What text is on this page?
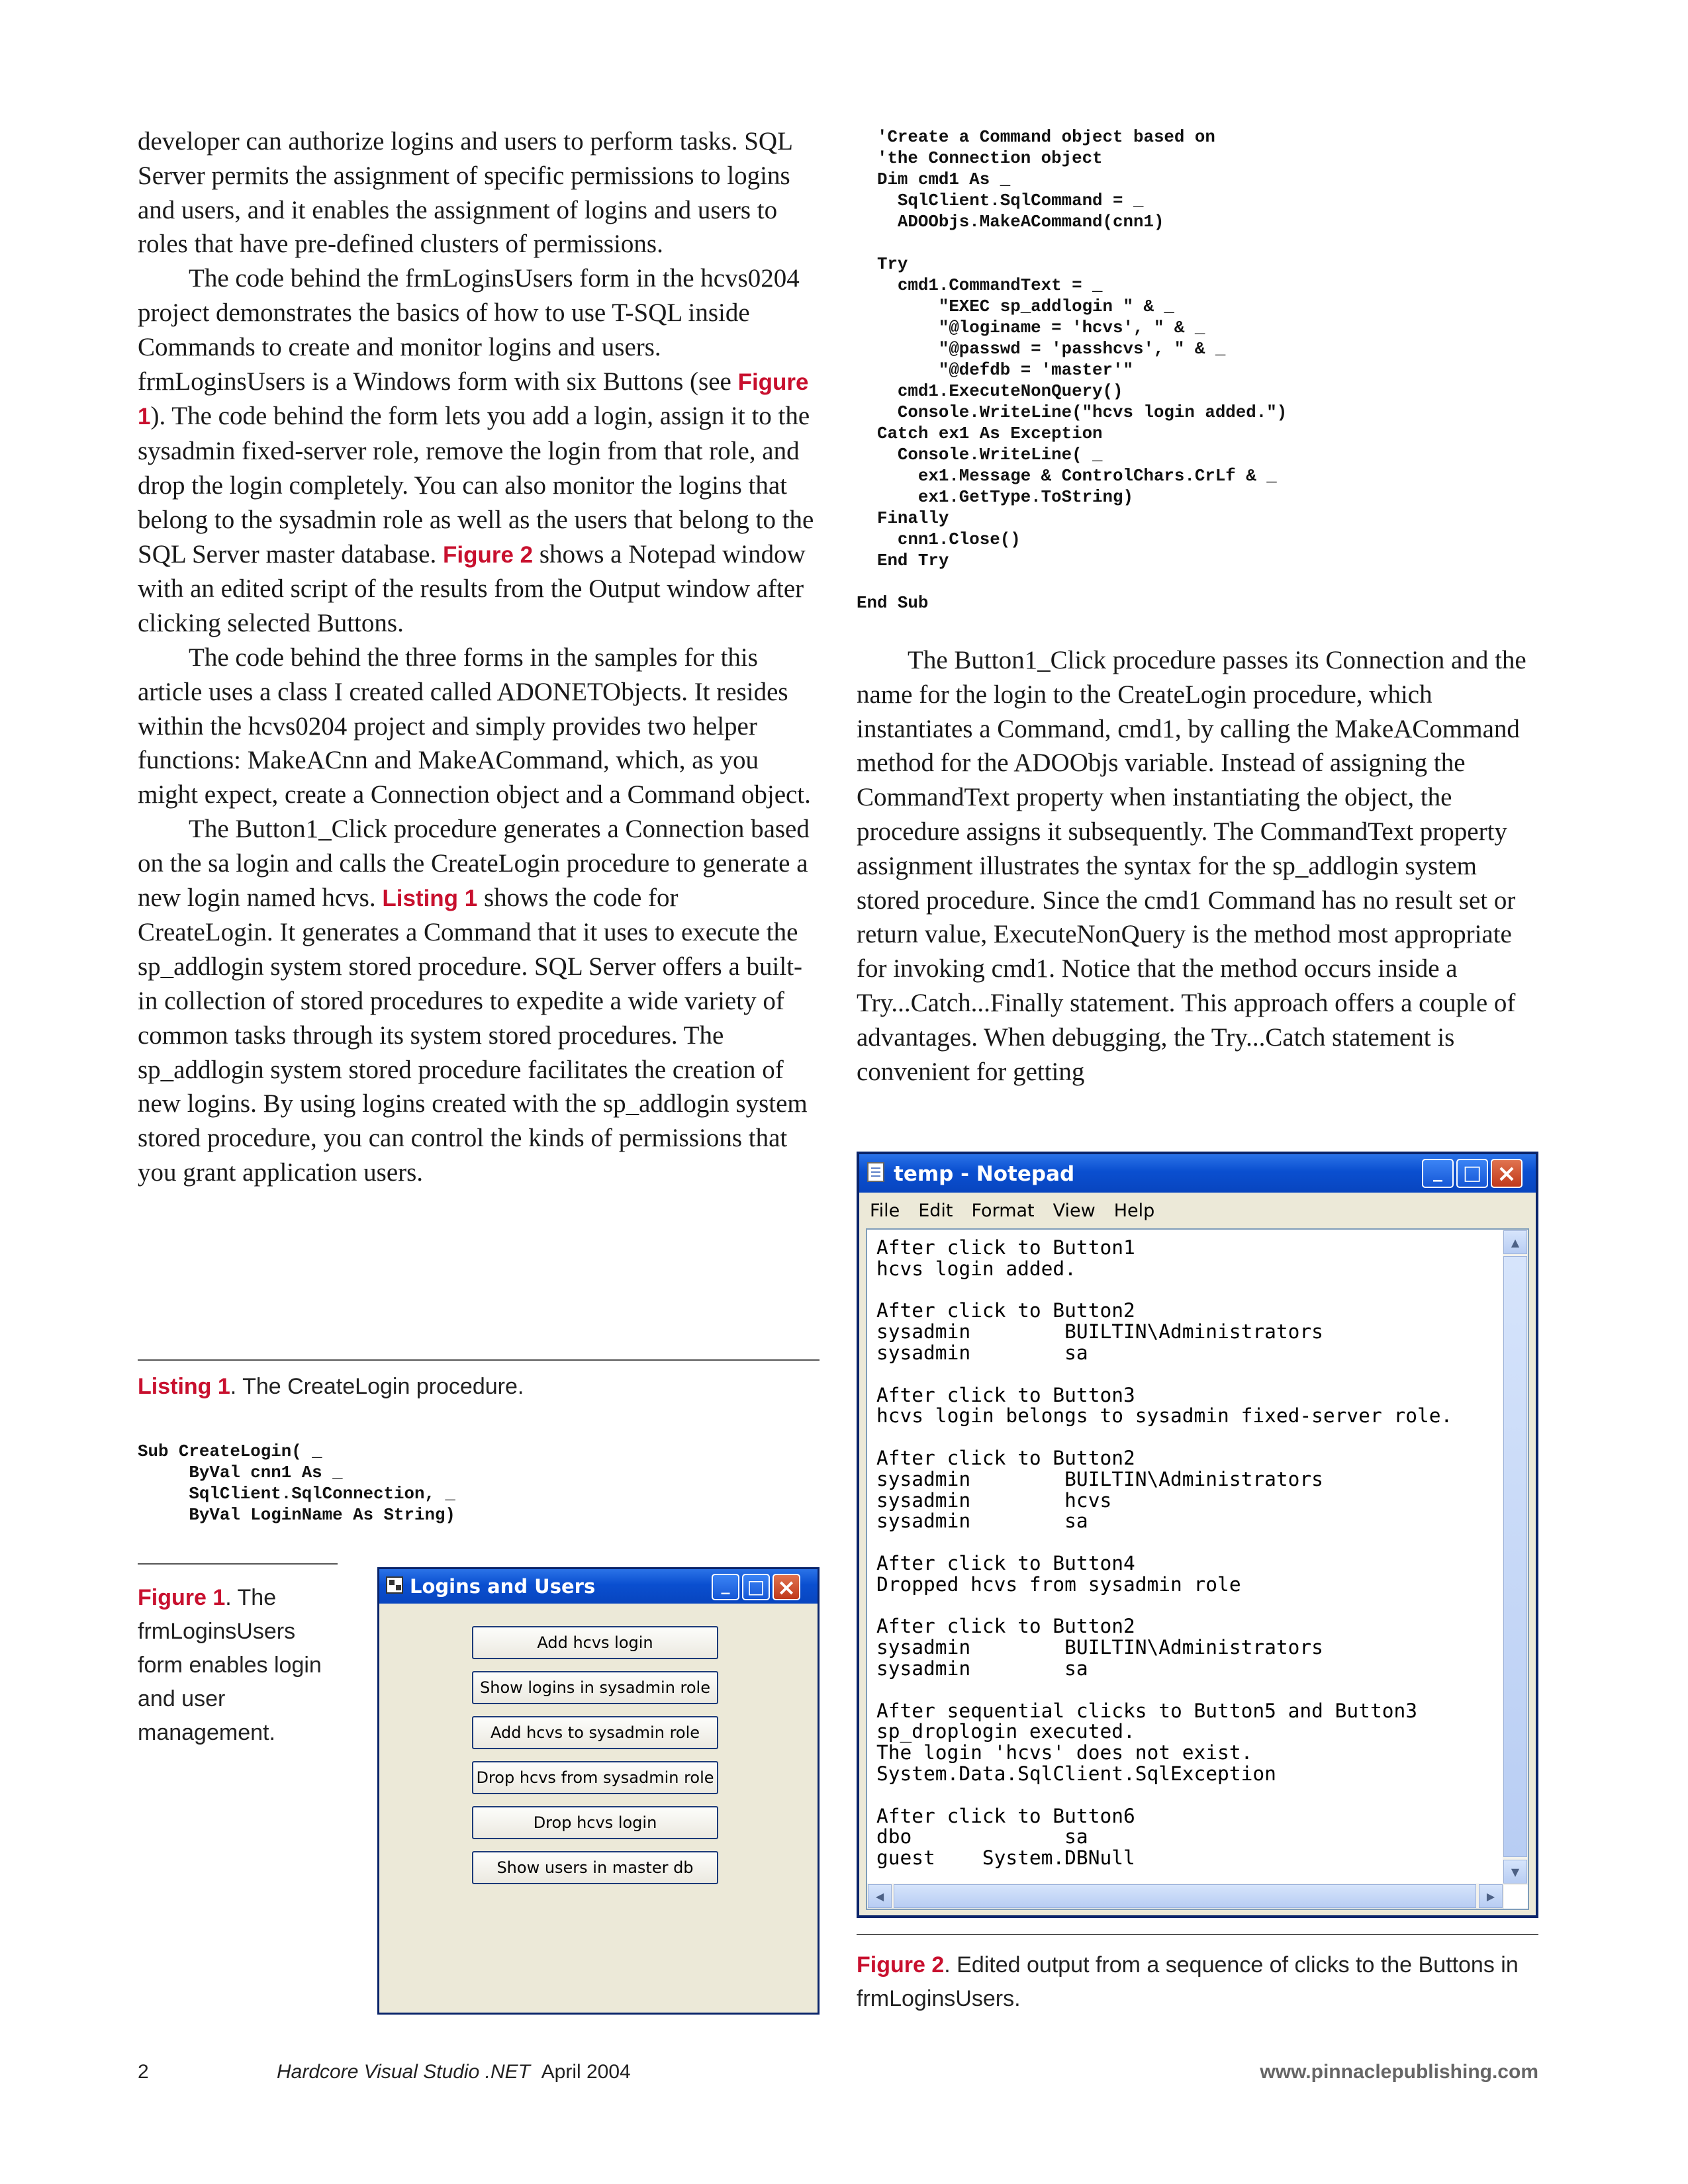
developer can authorize logins and users to perform tasks. SQL Server permits the assignment of specific permissions to logins and users, and it enables the assignment of logins and users to roles that have pre-defined clusters of permissions.

The code behind the frmLoginsUsers form in the hcvs0204 project demonstrates the basics of how to use T-SQL inside Commands to create and monitor logins and users. frmLoginsUsers is a Windows form with six Buttons (see Figure 1). The code behind the form lets you add a login, assign it to the sysadmin fixed-server role, remove the login from that role, and drop the login completely. You can also monitor the logins that belong to the sysadmin role as well as the users that belong to the SQL Server master database. Figure 2 shows a Notepad window with an edited script of the results from the Output window after clicking selected Buttons.

The code behind the three forms in the samples for this article uses a class I created called ADONETObjects. It resides within the hcvs0204 project and simply provides two helper functions: MakeACnn and MakeACommand, which, as you might expect, create a Connection object and a Command object.

The Button1_Click procedure generates a Connection based on the sa login and calls the CreateLogin procedure to generate a new login named hcvs. Listing 1 shows the code for CreateLogin. It generates a Command that it uses to execute the sp_addlogin system stored procedure. SQL Server offers a built-in collection of stored procedures to expedite a wide variety of common tasks through its system stored procedures. The sp_addlogin system stored procedure facilitates the creation of new logins. By using logins created with the sp_addlogin system stored procedure, you can control the kinds of permissions that you grant application users.

Listing 1. The CreateLogin procedure.
Sub CreateLogin( _
ByVal cnn1 As _
SqlClient.SqlConnection, _
ByVal LoginName As String)
Figure 1. The frmLoginsUsers form enables login and user management.
Logins and Users	_ □ ×
Add hcvs login
Show logins in sysadmin role
Add hcvs to sysadmin role
Drop hcvs from sysadmin role
Drop hcvs login
Show users in master db
'Create a Command object based on
'the Connection object
Dim cmd1 As _
SqlClient.SqlCommand = _
ADOObjs.MakeACommand(cnn1)

Try
cmd1.CommandText = _
"EXEC sp_addlogin " & _
"@loginame = 'hcvs', " & _
"@passwd = 'passhcvs', " & _
"@defdb = 'master'"
cmd1.ExecuteNonQuery()
Console.WriteLine("hcvs login added.")
Catch ex1 As Exception
Console.WriteLine( _
ex1.Message & ControlChars.CrLf & _
ex1.GetType.ToString)
Finally
cnn1.Close()
End Try

End Sub

The Button1_Click procedure passes its Connection and the name for the login to the CreateLogin procedure, which instantiates a Command, cmd1, by calling the MakeACommand method for the ADOObjs variable. Instead of assigning the CommandText property when instantiating the object, the procedure assigns it subsequently. The CommandText property assignment illustrates the syntax for the sp_addlogin system stored procedure. Since the cmd1 Command has no result set or return value, ExecuteNonQuery is the method most appropriate for invoking cmd1. Notice that the method occurs inside a Try...Catch...Finally statement. This approach offers a couple of advantages. When debugging, the Try...Catch statement is convenient for getting

temp - Notepad	_	□ ×
File Edit Format View Help
After click to Button1
hcvs login added.

After click to Button2
sysadmin        BUILTIN\Administrators
sysadmin        sa

After click to Button3
hcvs login belongs to sysadmin fixed-server role.

After click to Button2
sysadmin        BUILTIN\Administrators
sysadmin        hcvs
sysadmin        sa

After click to Button4
Dropped hcvs from sysadmin role

After click to Button2
sysadmin        BUILTIN\Administrators
sysadmin        sa

After sequential clicks to Button5 and Button3
sp_droplogin executed.
The login 'hcvs' does not exist.
System.Data.SqlClient.SqlException

After click to Button6
dbo             sa
guest    System.DBNull
▲
▼
◀	▶
Figure 2. Edited output from a sequence of clicks to the Buttons in frmLoginsUsers.
2	Hardcore Visual Studio .NET April 2004	www.pinnaclepublishing.com
